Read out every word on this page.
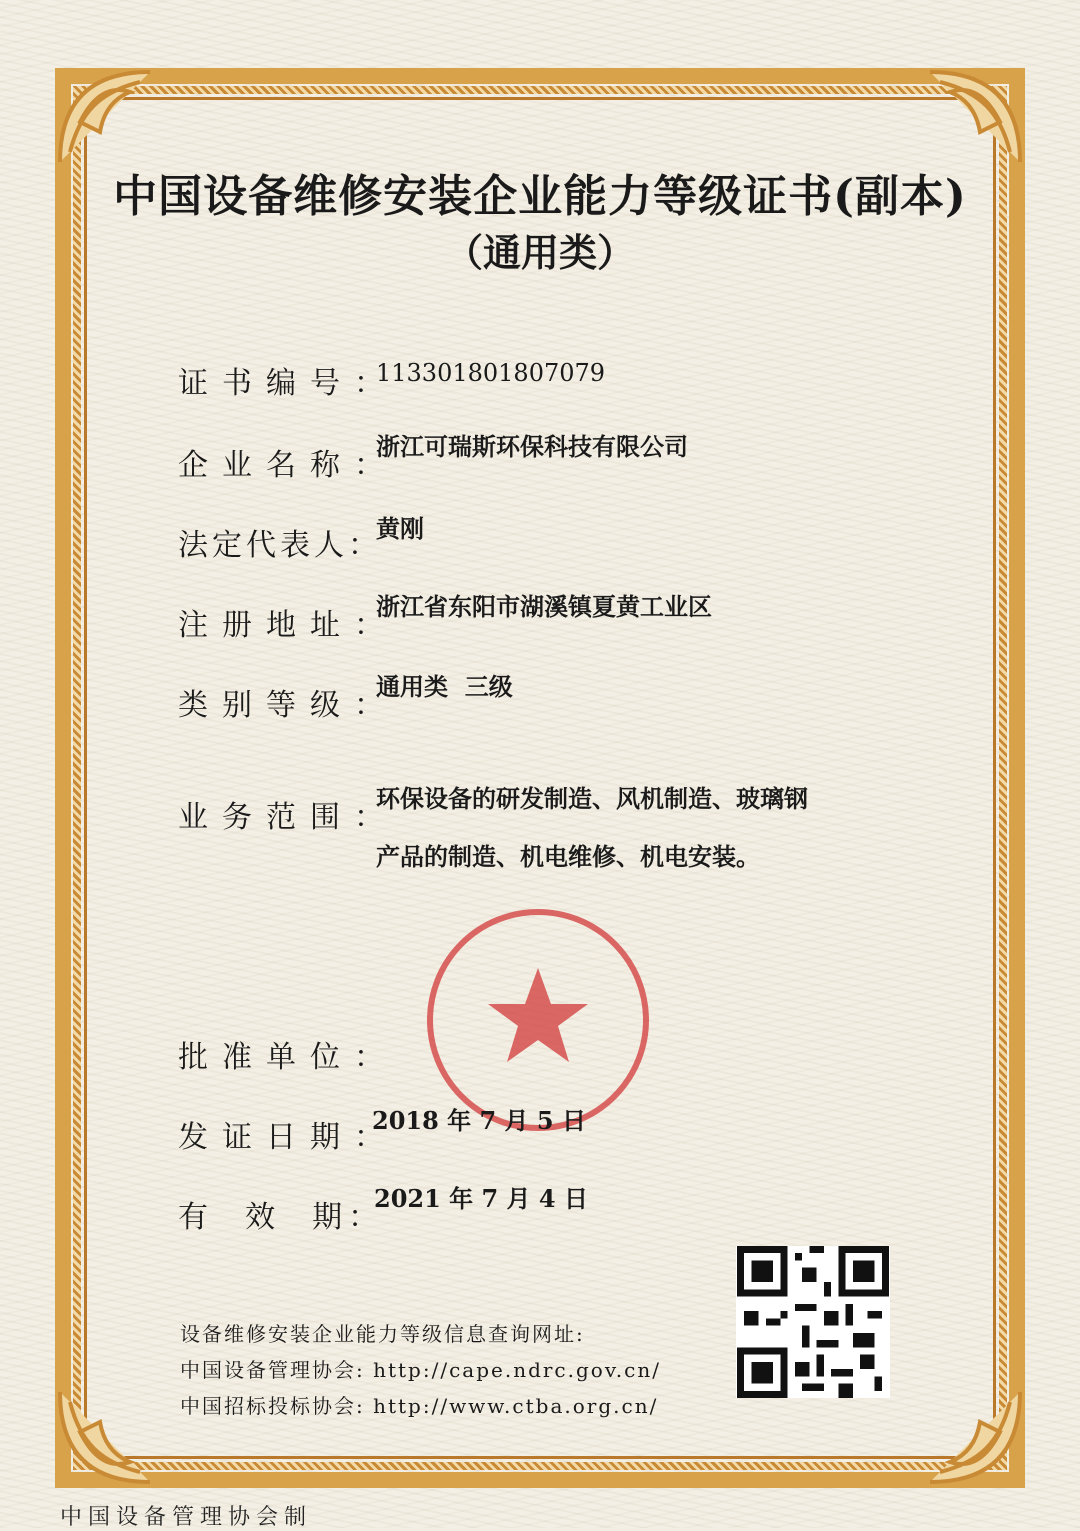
中国设备维修安装企业能力等级证书(副本)
（通用类）
证书编号：
113301801807079
企业名称：
浙江可瑞斯环保科技有限公司
法定代表人：
黄刚
注册地址：
浙江省东阳市湖溪镇夏黄工业区
类别等级：
通用类  三级
业务范围：
环保设备的研发制造、风机制造、玻璃钢
产品的制造、机电维修、机电安装。
批准单位：
发证日期：
2018 年 7 月 5 日
有  效  期：
2021 年 7 月 4 日
设备维修安装企业能力等级信息查询网址:
中国设备管理协会: http://cape.ndrc.gov.cn/
中国招标投标协会: http://www.ctba.org.cn/
中国设备管理协会制
